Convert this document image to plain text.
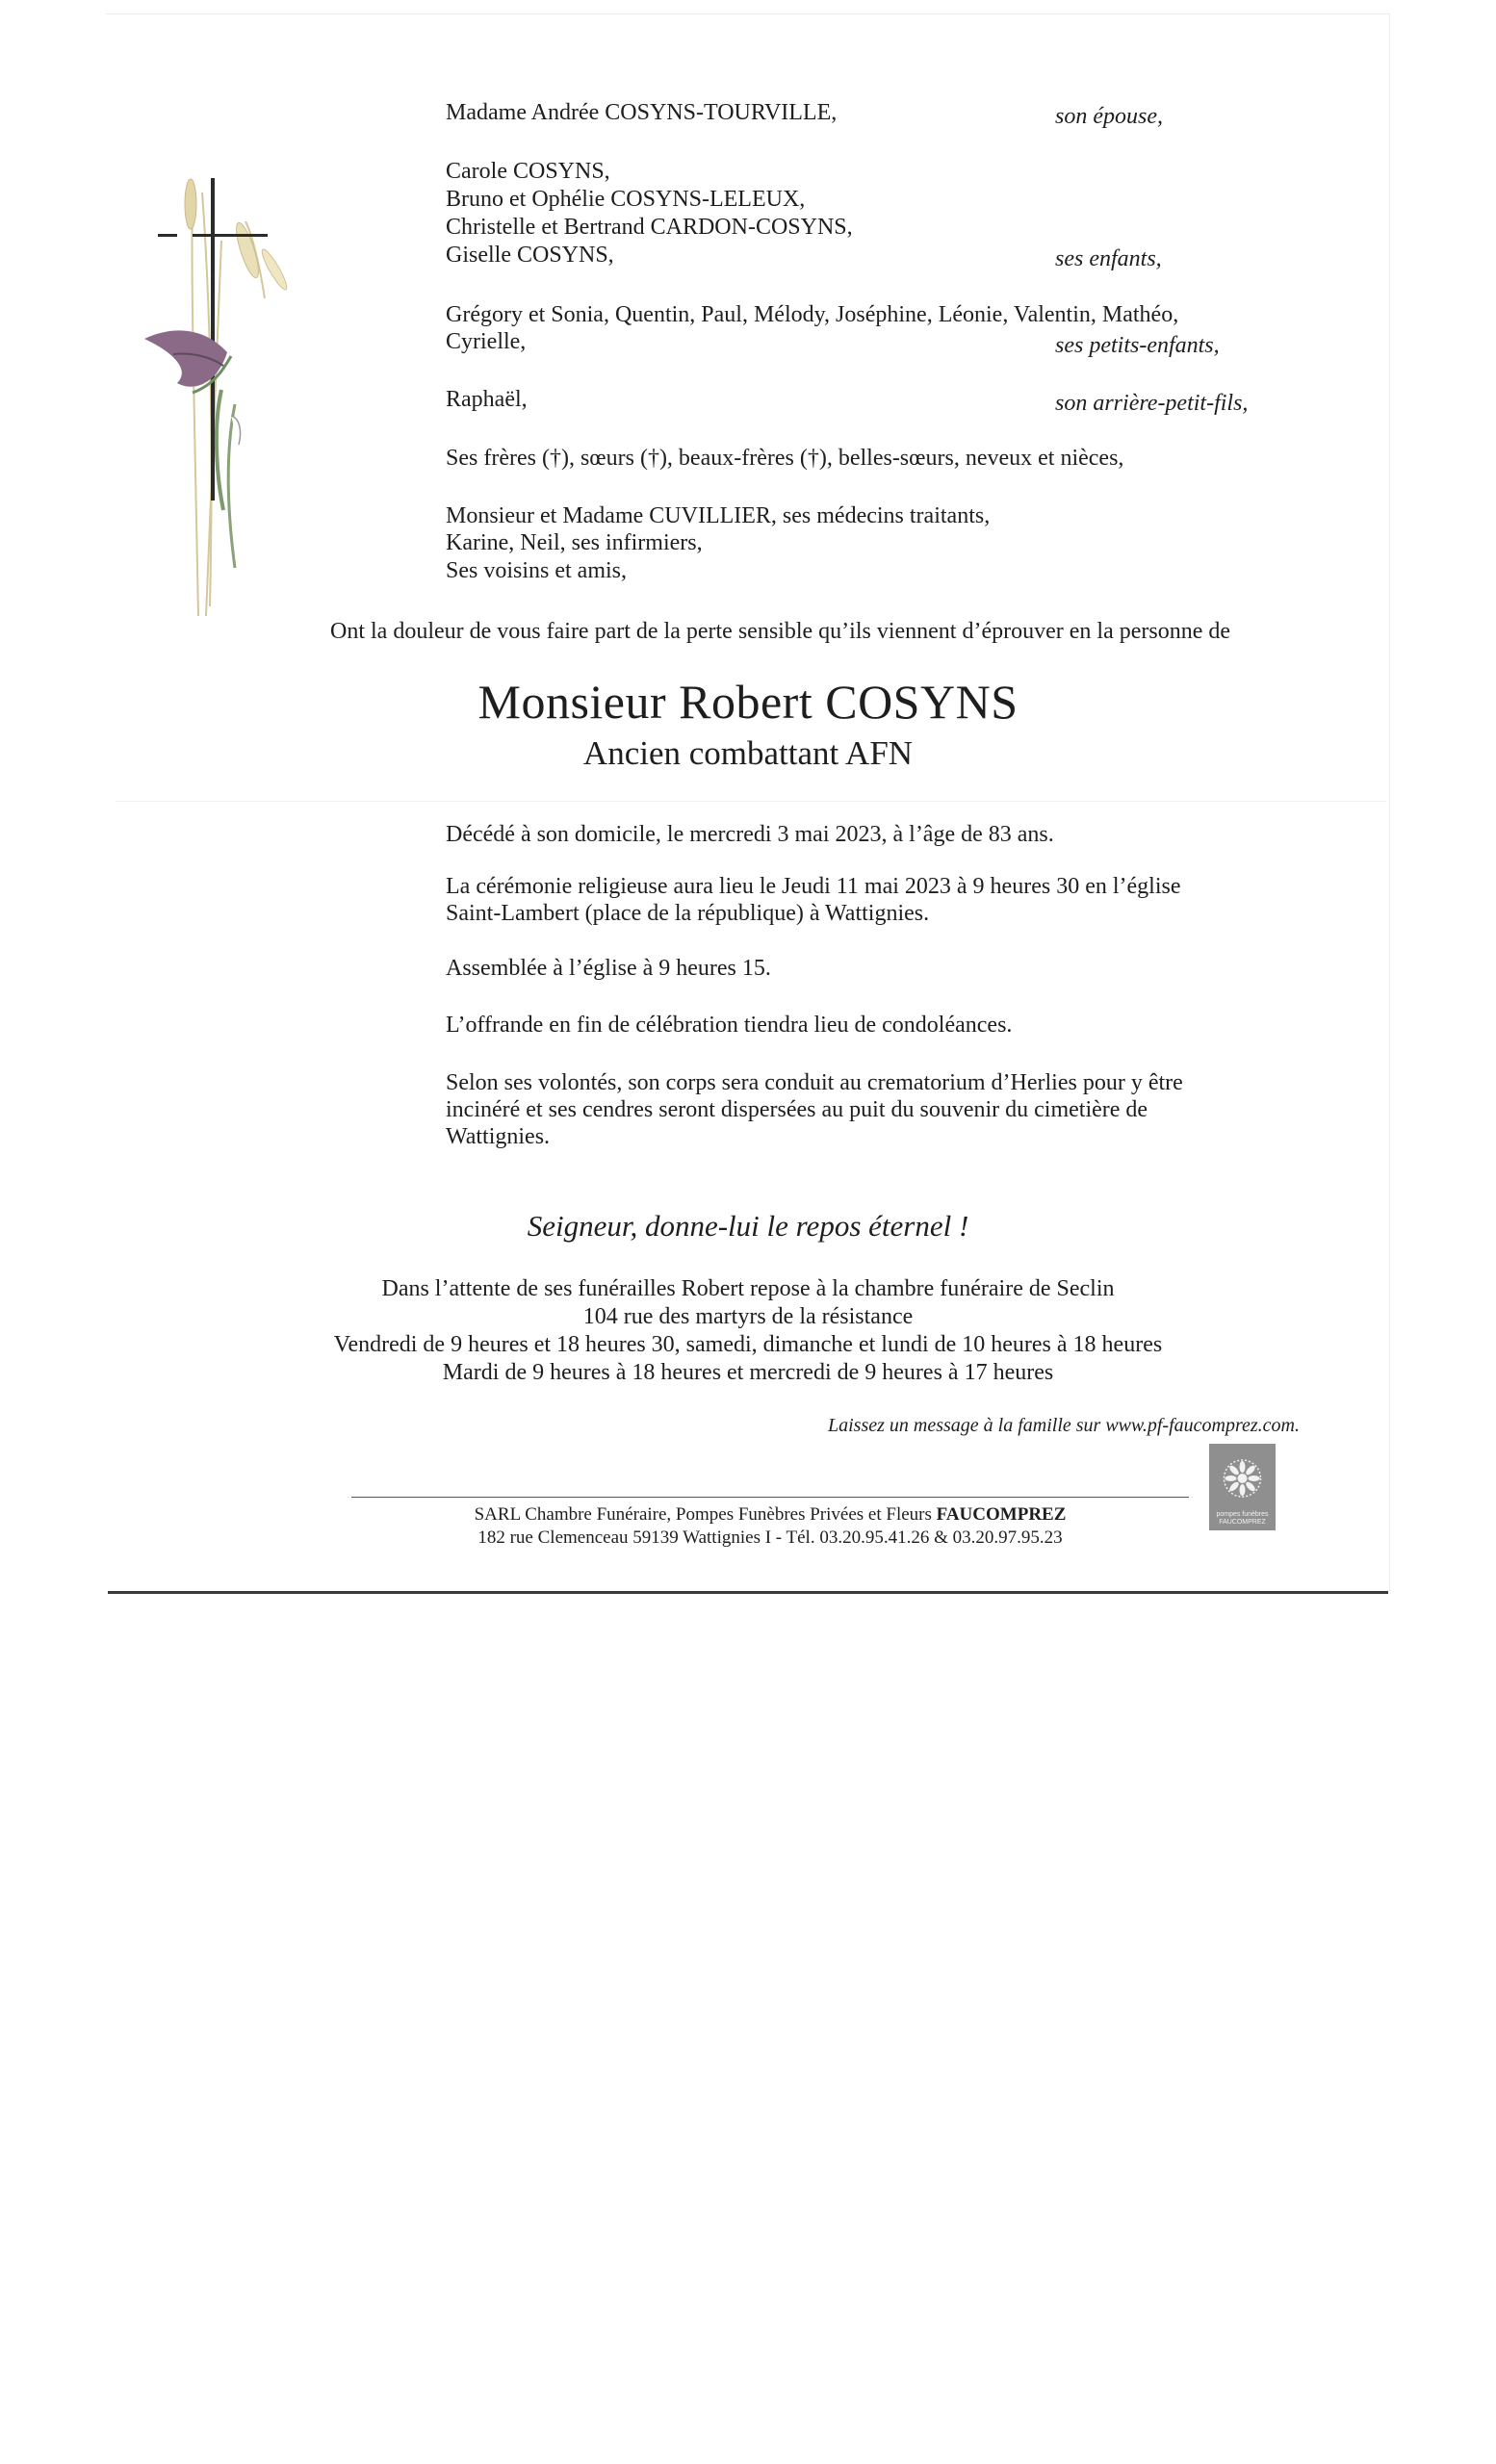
Madame Andrée COSYNS-TOURVILLE,	son épouse,
Carole COSYNS,
Bruno et Ophélie COSYNS-LELEUX,
Christelle et Bertrand CARDON-COSYNS,
Giselle COSYNS,	ses enfants,
Grégory et Sonia, Quentin, Paul, Mélody, Joséphine, Léonie, Valentin, Mathéo,
Cyrielle,	ses petits-enfants,
Raphaël,	son arrière-petit-fils,
Ses frères (†), sœurs (†), beaux-frères (†), belles-sœurs, neveux et nièces,
Monsieur et Madame CUVILLIER, ses médecins traitants,
Karine, Neil, ses infirmiers,
Ses voisins et amis,
Ont la douleur de vous faire part de la perte sensible qu’ils viennent d’éprouver en la personne de
Monsieur Robert COSYNS
Ancien combattant AFN
Décédé à son domicile, le mercredi 3 mai 2023, à l’âge de 83 ans.
La cérémonie religieuse aura lieu le Jeudi 11 mai 2023 à 9 heures 30 en l’église
Saint-Lambert (place de la république) à Wattignies.
Assemblée à l’église à 9 heures 15.
L’offrande en fin de célébration tiendra lieu de condoléances.
Selon ses volontés, son corps sera conduit au crematorium d’Herlies pour y être
incinéré et ses cendres seront dispersées au puit du souvenir du cimetière de
Wattignies.
Seigneur, donne-lui le repos éternel !
Dans l’attente de ses funérailles Robert repose à la chambre funéraire de Seclin
104 rue des martyrs de la résistance
Vendredi de 9 heures et 18 heures 30, samedi, dimanche et lundi de 10 heures à 18 heures
Mardi de 9 heures à 18 heures et mercredi de 9 heures à 17 heures
Laissez un message à la famille sur www.pf-faucomprez.com.
SARL Chambre Funéraire, Pompes Funèbres Privées et Fleurs FAUCOMPREZ
182 rue Clemenceau 59139 Wattignies I - Tél. 03.20.95.41.26 & 03.20.97.95.23
pompes funèbres
FAUCOMPREZ
